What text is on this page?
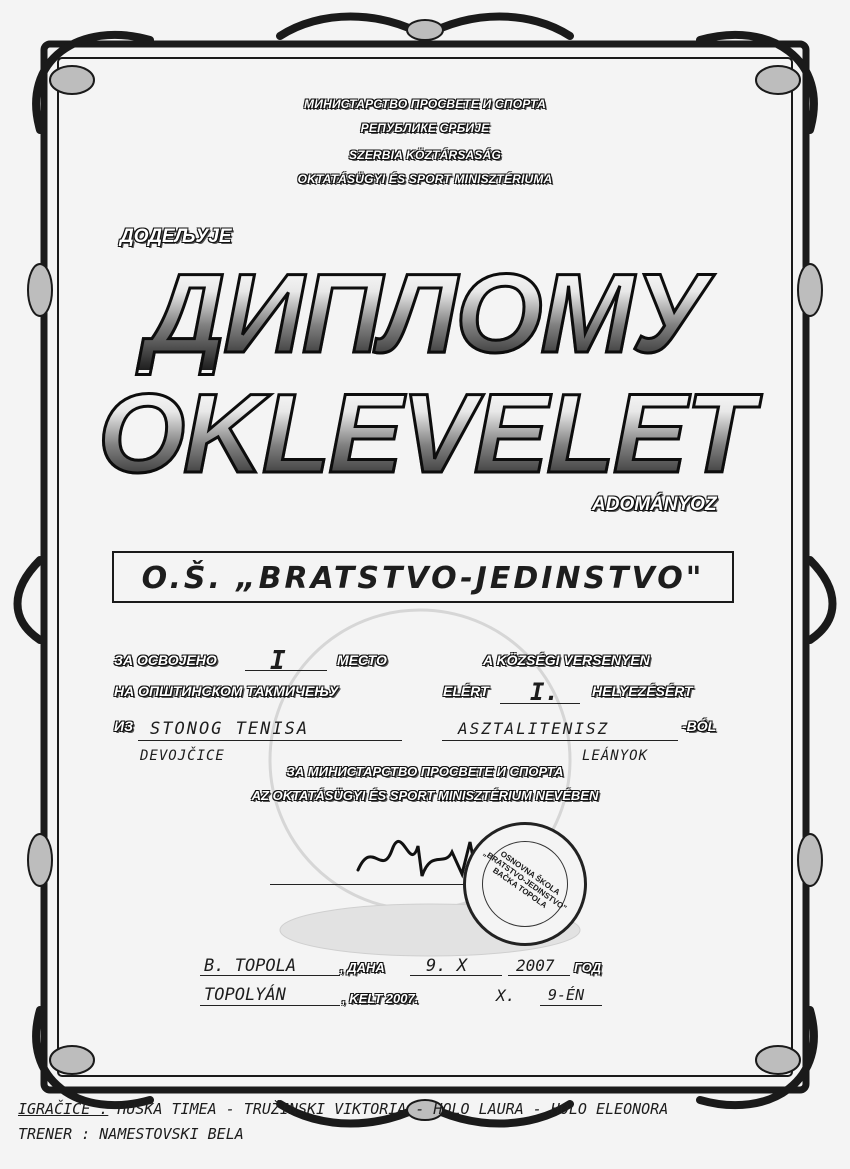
МИНИСТАРСТВО ПРОСВЕТЕ И СПОРТА
РЕПУБЛИКЕ СРБИЈЕ
SZERBIA KÖZTÁRSASÁG
OKTATÁSÜGYI ÉS SPORT MINISZTÉRIUMA
ДОДЕЉУЈЕ
ДИПЛОМУ
OKLEVELET
ADOMÁNYOZ
O.Š. „BRATSTVO-JEDINSTVO"
ЗА ОСВОЈЕНО I	МЕСТО
НА ОПШТИНСКОМ ТАКМИЧЕЊУ
ИЗ STONOG TENISA
DEVOJČICE
A KÖZSÉGI VERSENYEN
ELÉRT I. HELYEZÉSÉRT
ASZTALITENISZ	-BÓL
LEÁNYOK
ЗА МИНИСТАРСТВО ПРОСВЕТЕ И СПОРТА
AZ OKTATÁSÜGYI ÉS SPORT MINISZTÉRIUM NEVÉBEN
OSNOVNA ŠKOLA „BRATSTVO-JEDINSTVO" BAČKA TOPOLA
B. TOPOLA	, ДАНА 9. X	2007 ГОД
TOPOLYÁN	, KELT 2007.	X. 9-ÉN
IGRAČICE : HUSKA TIMEA - TRUŽINSKI VIKTORIA - HOLO LAURA - HOLO ELEONORA
TRENER : NAMESTOVSKI BELA
